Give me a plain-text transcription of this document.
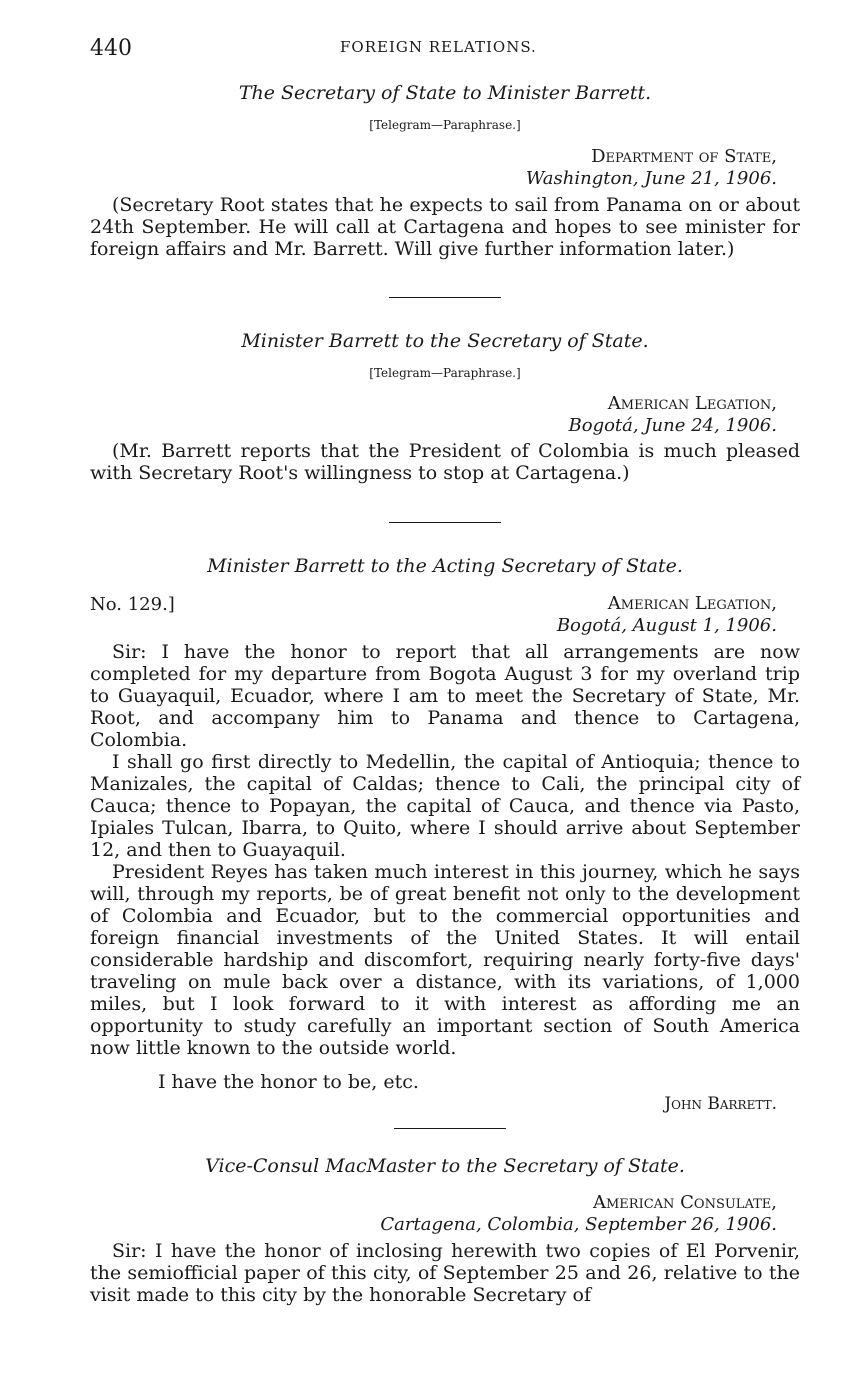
440	FOREIGN RELATIONS.
The Secretary of State to Minister Barrett.
[Telegram—Paraphrase.]
Department of State,
Washington, June 21, 1906.

(Secretary Root states that he expects to sail from Panama on or about 24th September. He will call at Cartagena and hopes to see minister for foreign affairs and Mr. Barrett. Will give further information later.)

Minister Barrett to the Secretary of State.
[Telegram—Paraphrase.]
American Legation,
Bogotá, June 24, 1906.

(Mr. Barrett reports that the President of Colombia is much pleased with Secretary Root's willingness to stop at Cartagena.)

Minister Barrett to the Acting Secretary of State.
No. 129.]	American Legation,
Bogotá, August 1, 1906.

Sir: I have the honor to report that all arrangements are now completed for my departure from Bogota August 3 for my overland trip to Guayaquil, Ecuador, where I am to meet the Secretary of State, Mr. Root, and accompany him to Panama and thence to Cartagena, Colombia.

I shall go first directly to Medellin, the capital of Antioquia; thence to Manizales, the capital of Caldas; thence to Cali, the principal city of Cauca; thence to Popayan, the capital of Cauca, and thence via Pasto, Ipiales Tulcan, Ibarra, to Quito, where I should arrive about September 12, and then to Guayaquil.

President Reyes has taken much interest in this journey, which he says will, through my reports, be of great benefit not only to the development of Colombia and Ecuador, but to the commercial opportunities and foreign financial investments of the United States. It will entail considerable hardship and discomfort, requiring nearly forty-five days' traveling on mule back over a distance, with its variations, of 1,000 miles, but I look forward to it with interest as affording me an opportunity to study carefully an important section of South America now little known to the outside world.

I have the honor to be, etc.
John Barrett.
Vice-Consul MacMaster to the Secretary of State.
American Consulate,
Cartagena, Colombia, September 26, 1906.

Sir: I have the honor of inclosing herewith two copies of El Porvenir, the semiofficial paper of this city, of September 25 and 26, relative to the visit made to this city by the honorable Secretary of
